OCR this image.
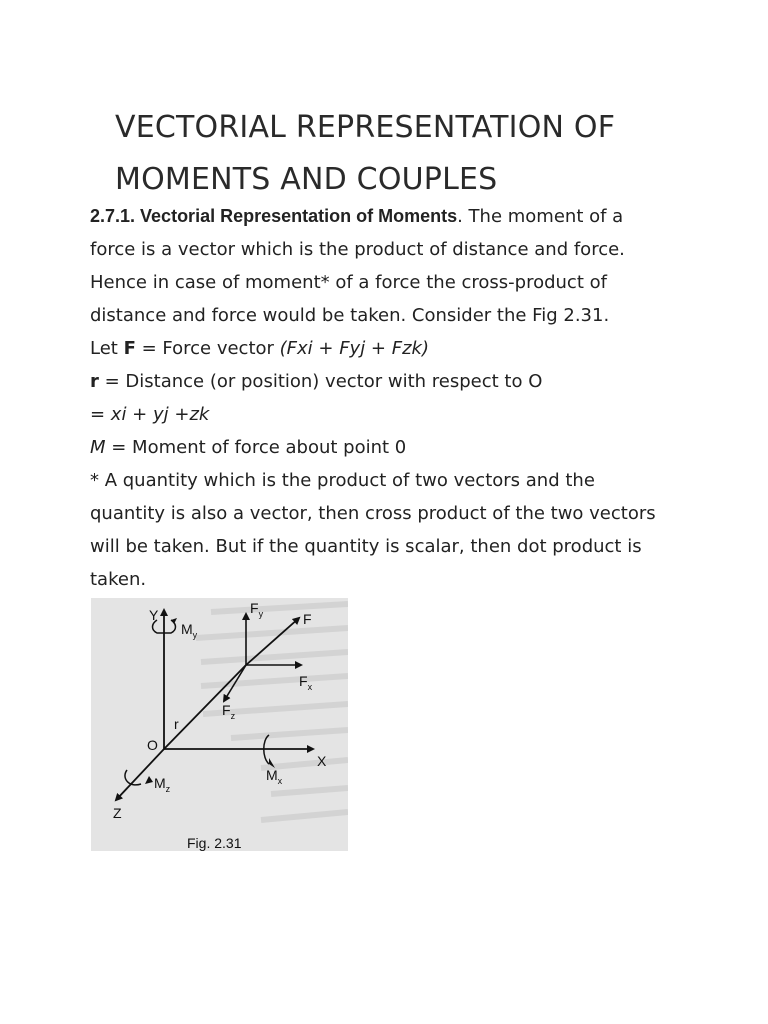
VECTORIAL REPRESENTATION OF
MOMENTS AND COUPLES

2.7.1. Vectorial Representation of Moments. The moment of a

force is a vector which is the product of distance and force.

Hence in case of moment* of a force the cross-product of

distance and force would be taken. Consider the Fig 2.31.

Let F = Force vector (Fxi + Fyj + Fzk)

r = Distance (or position) vector with respect to O

= xi + yj +zk

M = Moment of force about point 0

* A quantity which is the product of two vectors and the

quantity is also a vector, then cross product of the two vectors

will be taken. But if the quantity is scalar, then dot product is

taken.

Y
X
Z
O
r
F
$F_y$
$F_x$
$F_z$
$M_y$
$M_x$
$M_z$
Fig. 2.31
